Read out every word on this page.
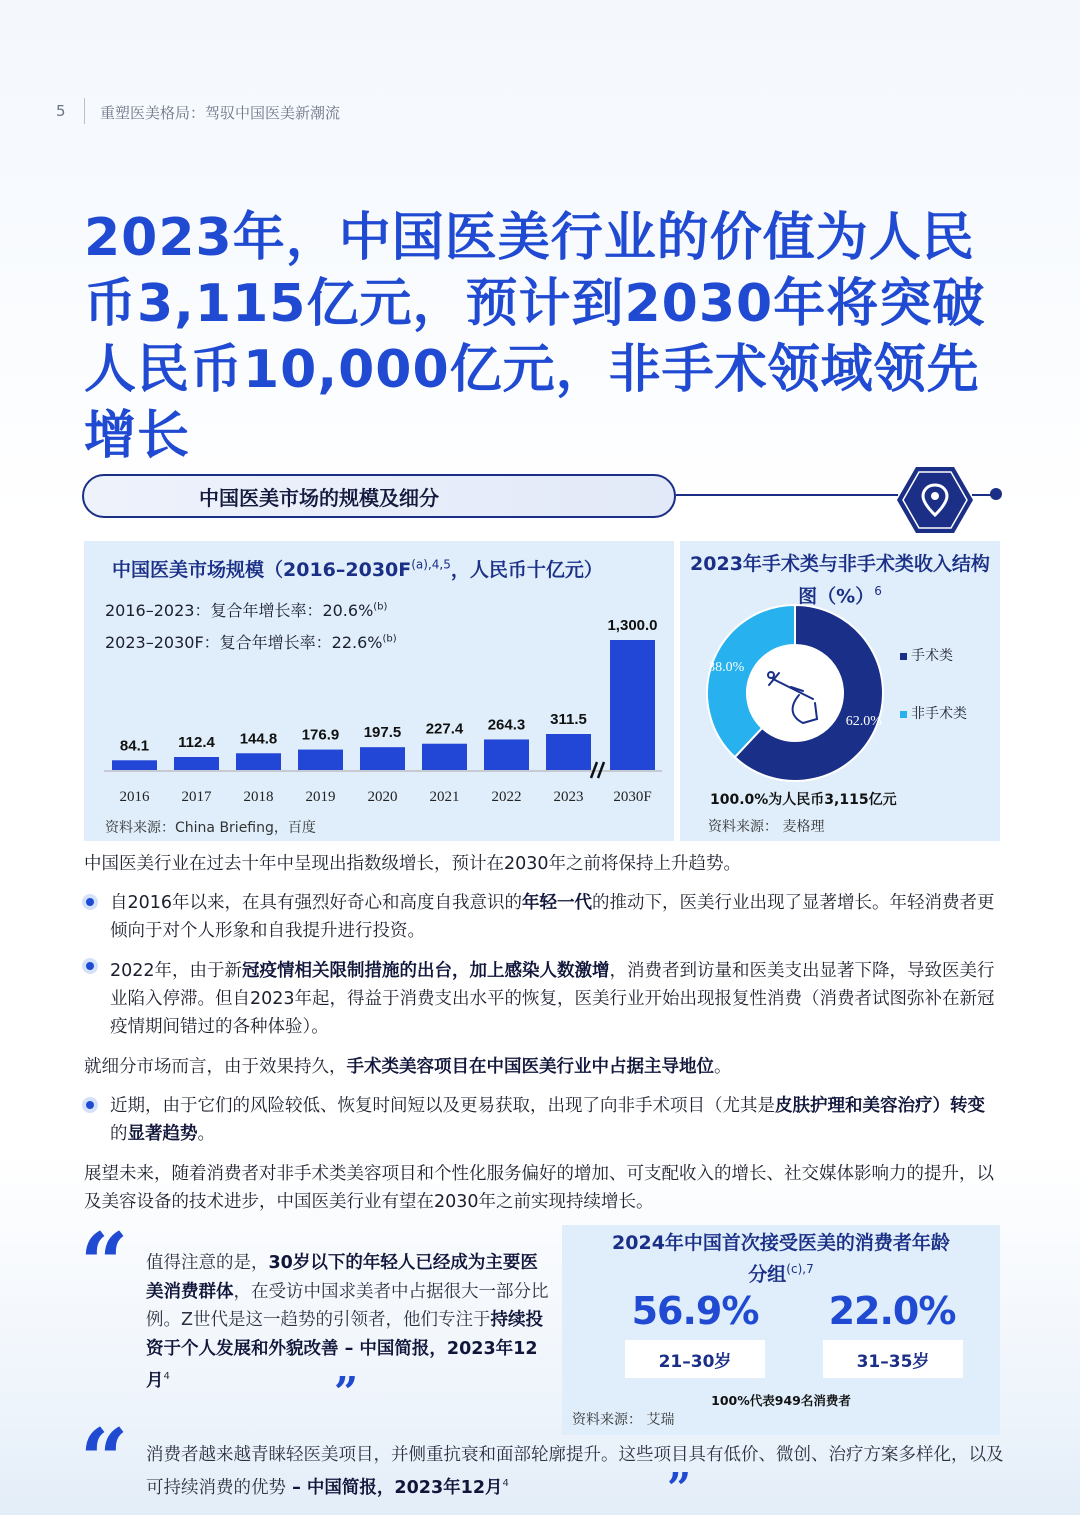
5 重塑医美格局：驾驭中国医美新潮流
2023年，中国医美行业的价值为人民币3,115亿元，预计到2030年将突破人民币10,000亿元，非手术领域领先增长
中国医美市场的规模及细分
中国医美市场规模（$2016-2030F^{(a),4,5}$，人民币十亿元）
2016–2023：复合年增长率：20.6%$^{(b)}$
2023–2030F：复合年增长率：22.6%$^{(b)}$
84.1
2016
112.4
2017
144.8
2018
176.9
2019
197.5
2020
227.4
2021
264.3
2022
311.5
2023
1,300.0
2030F
资料来源：China Briefing，百度
2023年手术类与非手术类收入结构图（%）$^6$
62.0%
38.0%
手术类
非手术类
100.0%为人民币3,115亿元
资料来源： 麦格理
中国医美行业在过去十年中呈现出指数级增长，预计在2030年之前将保持上升趋势。
自2016年以来，在具有强烈好奇心和高度自我意识的年轻一代的推动下，医美行业出现了显著增长。年轻消费者更倾向于对个人形象和自我提升进行投资。
2022年，由于新冠疫情相关限制措施的出台，加上感染人数激增，消费者到访量和医美支出显著下降，导致医美行业陷入停滞。但自2023年起，得益于消费支出水平的恢复，医美行业开始出现报复性消费（消费者试图弥补在新冠疫情期间错过的各种体验）。
就细分市场而言，由于效果持久，手术类美容项目在中国医美行业中占据主导地位。
近期，由于它们的风险较低、恢复时间短以及更易获取，出现了向非手术项目（尤其是皮肤护理和美容治疗）转变的显著趋势。
展望未来，随着消费者对非手术类美容项目和个性化服务偏好的增加、可支配收入的增长、社交媒体影响力的提升，以及美容设备的技术进步，中国医美行业有望在2030年之前实现持续增长。
“ 值得注意的是，30岁以下的年轻人已经成为主要医美消费群体，在受访中国求美者中占据很大一部分比例。Z世代是这一趋势的引领者，他们专注于持续投资于个人发展和外貌改善 – 中国简报，2023年12月$^4$	”
2024年中国首次接受医美的消费者年龄分组$^{(c),7}$
56.9%
21–30岁
22.0%
31–35岁
100%代表949名消费者
资料来源： 艾瑞
“ 消费者越来越青睐轻医美项目，并侧重抗衰和面部轮廓提升。这些项目具有低价、微创、治疗方案多样化，以及可持续消费的优势 – 中国简报，2023年12月$^4$	”
